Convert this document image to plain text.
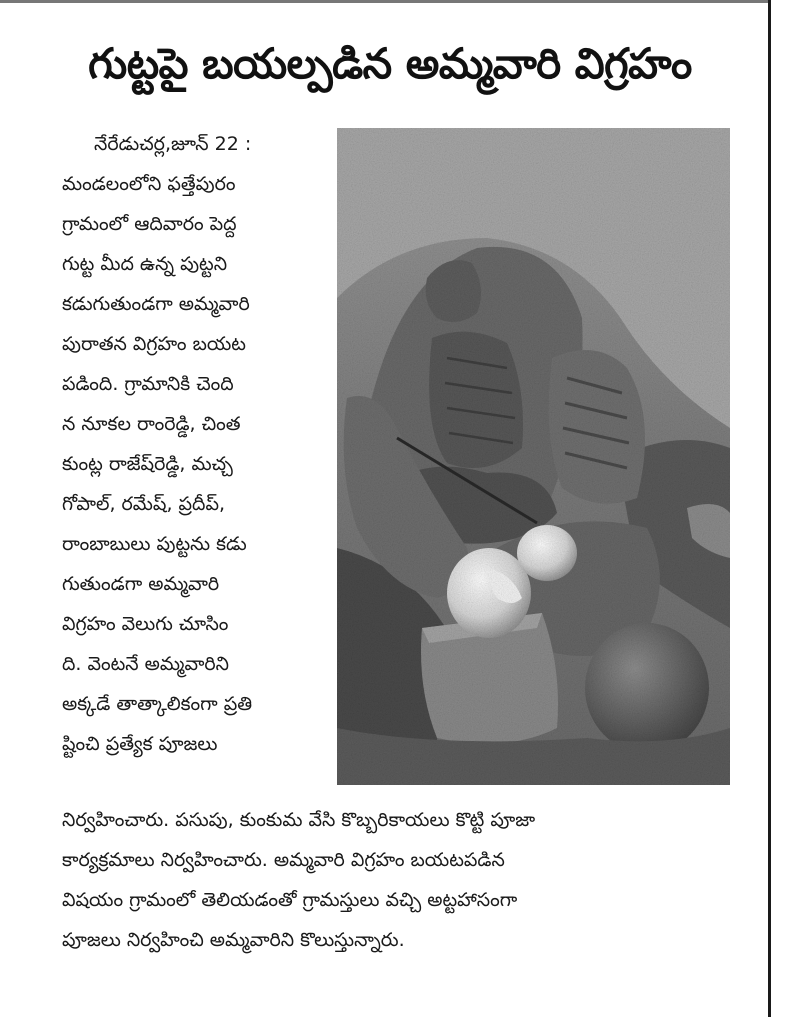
గుట్టపై బయల్పడిన అమ్మవారి విగ్రహం
నేరేడుచర్ల,జూన్ 22 :
మండలంలోని ఫత్తేపురం
గ్రామంలో ఆదివారం పెద్ద
గుట్ట మీద ఉన్న పుట్టని
కడుగుతుండగా అమ్మవారి
పురాతన విగ్రహం బయట
పడింది. గ్రామానికి చెంది
న నూకల రాంరెడ్డి, చింత
కుంట్ల రాజేష్‌రెడ్డి, మచ్చ
గోపాల్, రమేష్, ప్రదీప్,
రాంబాబులు పుట్టను కడు
గుతుండగా అమ్మవారి
విగ్రహం వెలుగు చూసిం
ది. వెంటనే అమ్మవారిని
అక్కడే తాత్కాలికంగా ప్రతి
ష్టించి ప్రత్యేక పూజలు
నిర్వహించారు. పసుపు, కుంకుమ వేసి కొబ్బరికాయలు కొట్టి పూజా
కార్యక్రమాలు నిర్వహించారు. అమ్మవారి విగ్రహం బయటపడిన
విషయం గ్రామంలో తెలియడంతో గ్రామస్తులు వచ్చి అట్టహాసంగా
పూజలు నిర్వహించి అమ్మవారిని కొలుస్తున్నారు.
